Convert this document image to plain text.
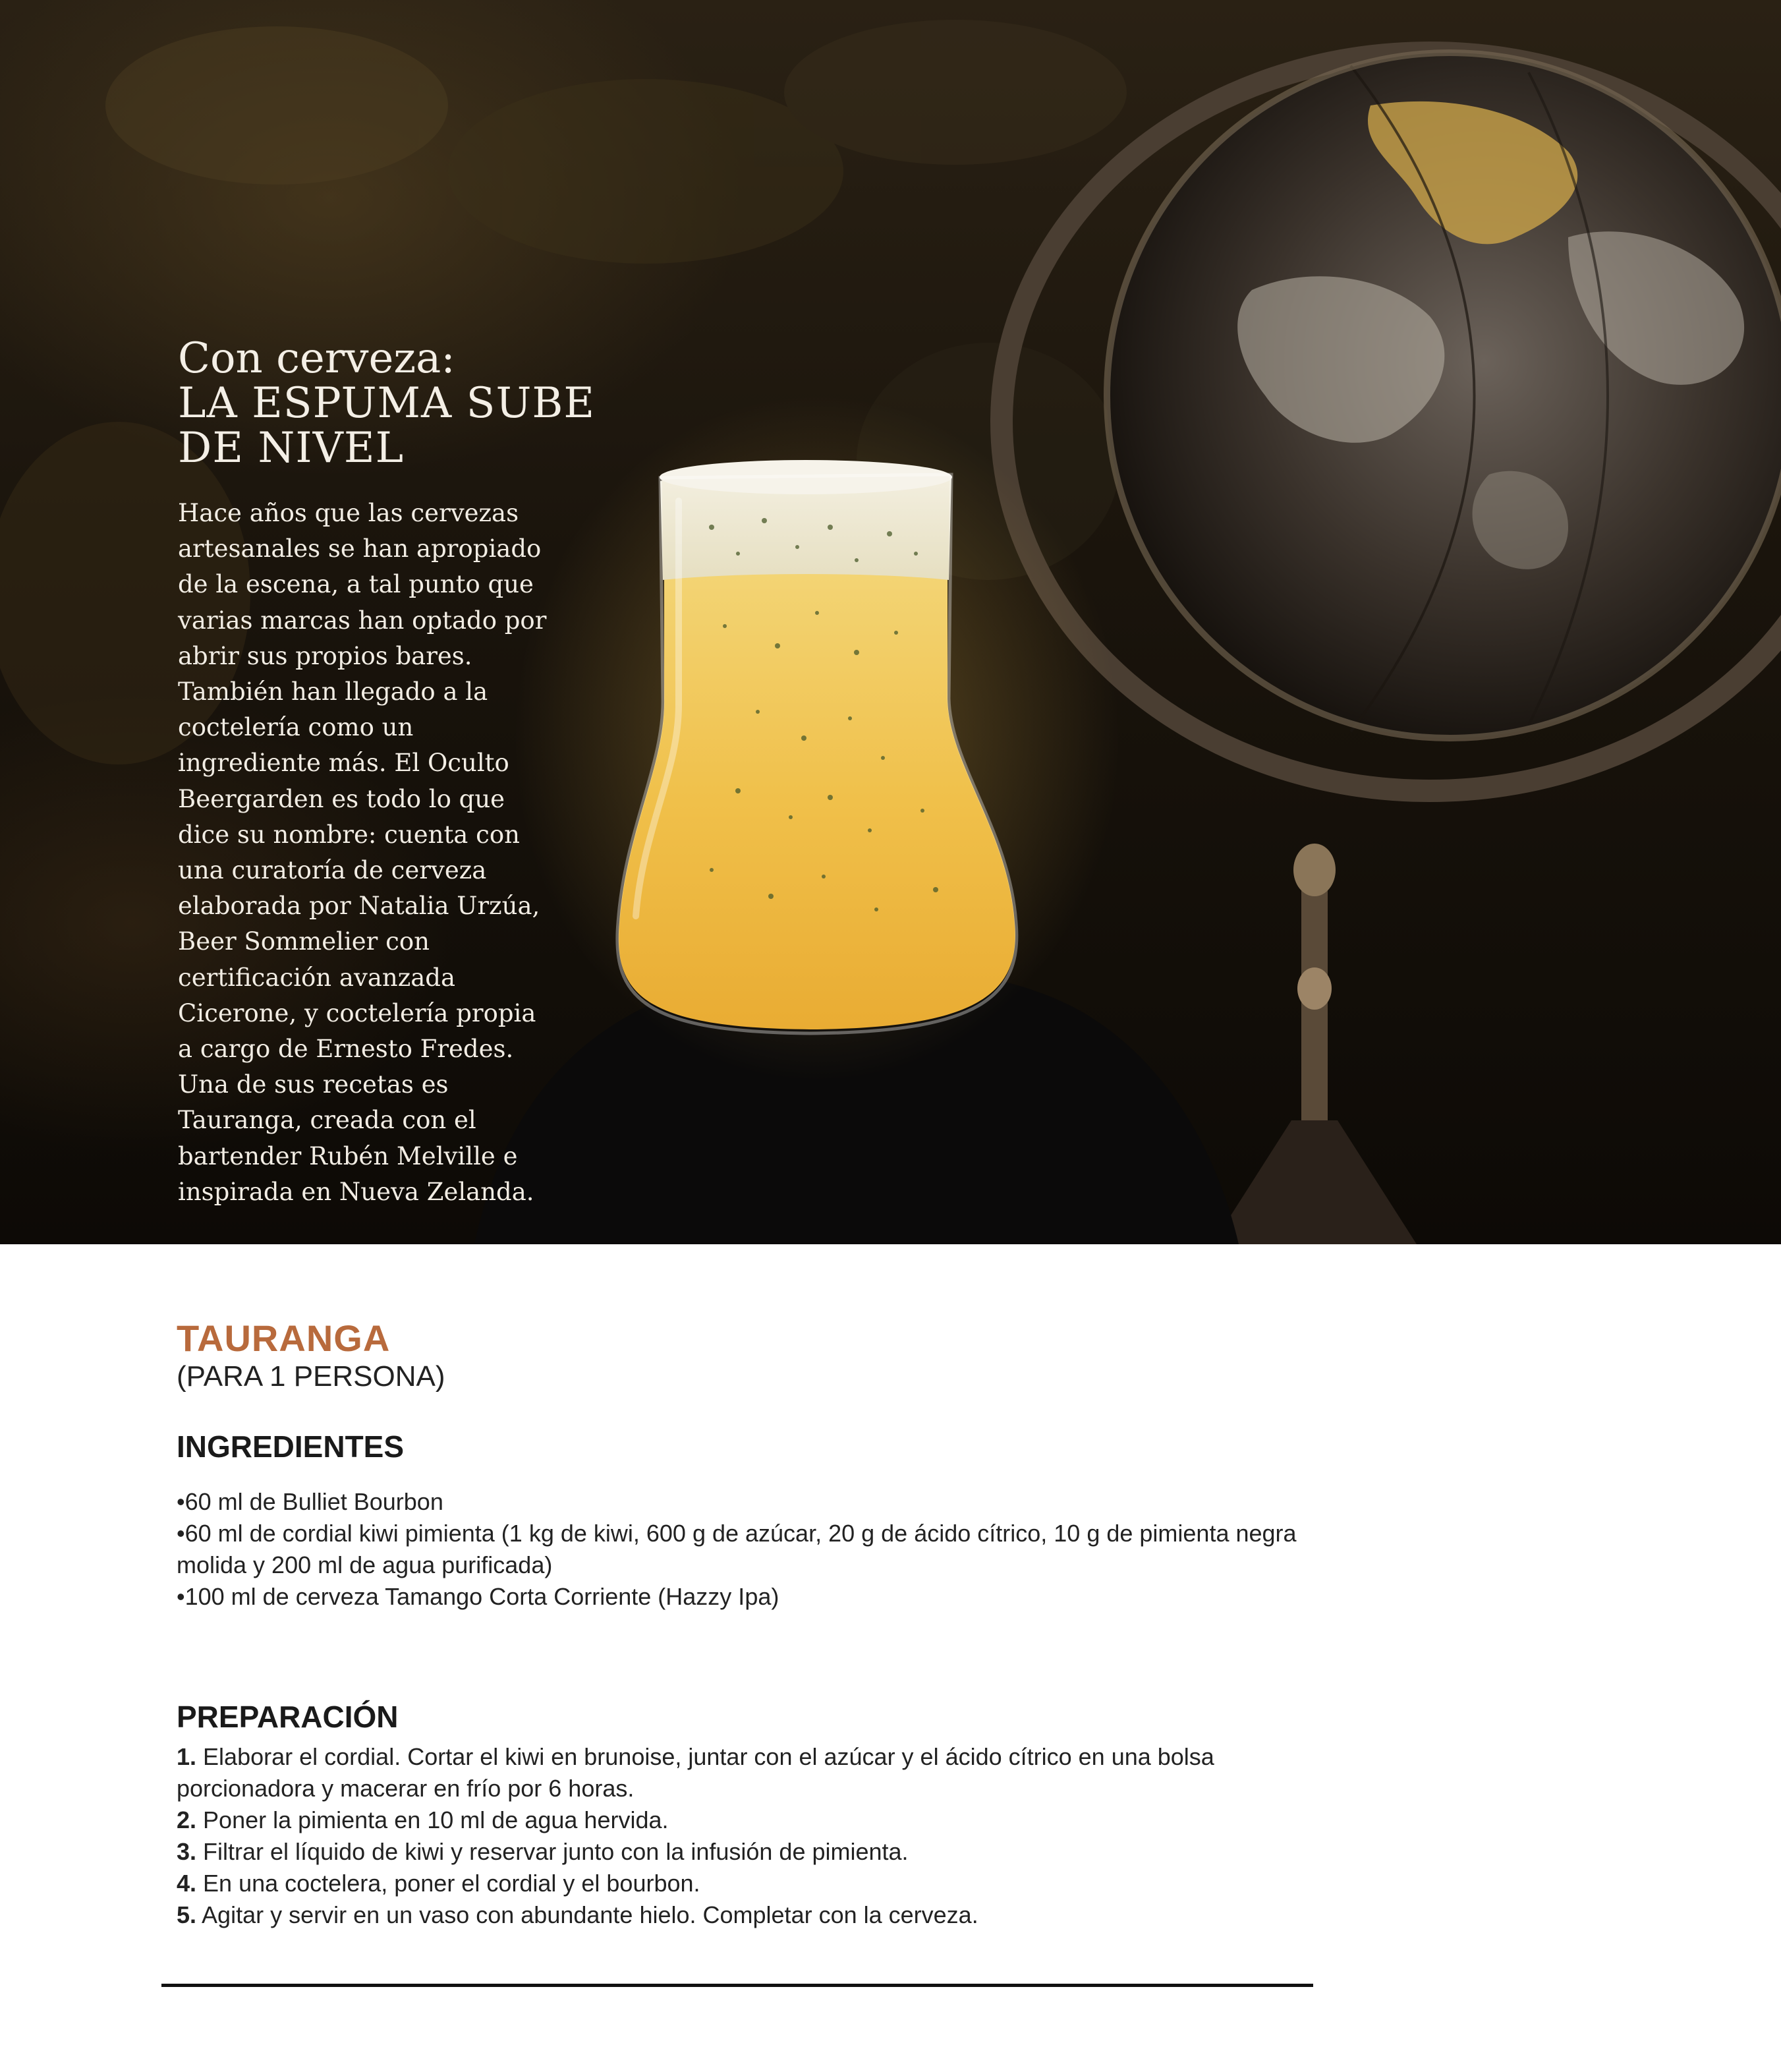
Con cerveza:
LA ESPUMA SUBE DE NIVEL

Hace años que las cervezas artesanales se han apropiado de la escena, a tal punto que varias marcas han optado por abrir sus propios bares. También han llegado a la coctelería como un ingrediente más. El Oculto Beergarden es todo lo que dice su nombre: cuenta con una curatoría de cerveza elaborada por Natalia Urzúa, Beer Sommelier con certificación avanzada Cicerone, y coctelería propia a cargo de Ernesto Fredes. Una de sus recetas es Tauranga, creada con el bartender Rubén Melville e inspirada en Nueva Zelanda.

TAURANGA

(PARA 1 PERSONA)

INGREDIENTES
•60 ml de Bulliet Bourbon
•60 ml de cordial kiwi pimienta (1 kg de kiwi, 600 g de azúcar, 20 g de ácido cítrico, 10 g de pimienta negra molida y 200 ml de agua purificada)
•100 ml de cerveza Tamango Corta Corriente (Hazzy Ipa)
PREPARACIÓN
1. Elaborar el cordial. Cortar el kiwi en brunoise, juntar con el azúcar y el ácido cítrico en una bolsa porcionadora y macerar en frío por 6 horas.
2. Poner la pimienta en 10 ml de agua hervida.
3. Filtrar el líquido de kiwi y reservar junto con la infusión de pimienta.
4. En una coctelera, poner el cordial y el bourbon.
5. Agitar y servir en un vaso con abundante hielo. Completar con la cerveza.
